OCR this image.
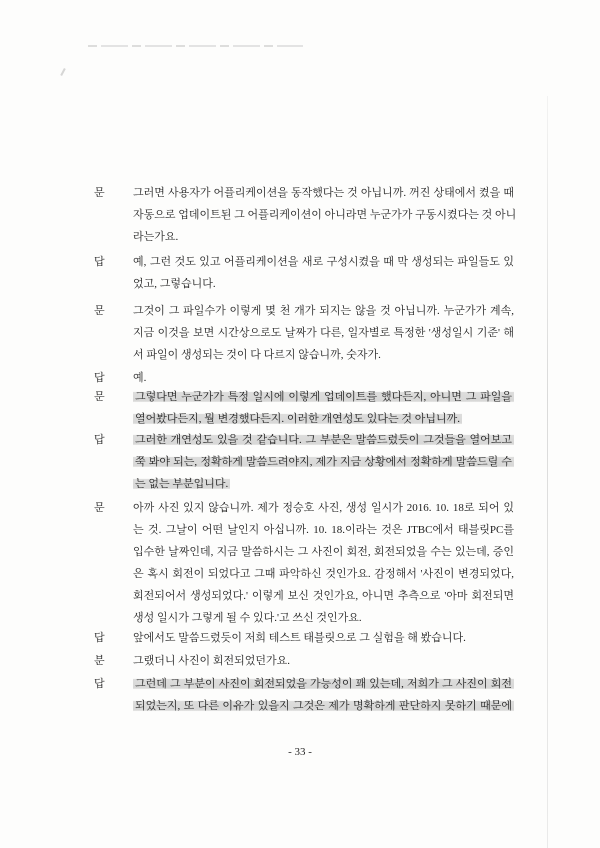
문	그러면 사용자가 어플리케이션을 동작했다는 것 아닙니까. 꺼진 상태에서 켰을 때
자동으로 업데이트된 그 어플리케이션이 아니라면 누군가가 구동시켰다는 것 아니
라는가요.
답	예, 그런 것도 있고 어플리케이션을 새로 구성시켰을 때 막 생성되는 파일들도 있
었고, 그렇습니다.
문	그것이 그 파일수가 이렇게 몇 천 개가 되지는 않을 것 아닙니까. 누군가가 계속,
지금 이것을 보면 시간상으로도 날짜가 다른, 일자별로 특정한 '생성일시 기준' 해
서 파일이 생성되는 것이 다 다르지 않습니까, 숫자가.
답	예.
문	그렇다면 누군가가 특정 일시에 이렇게 업데이트를 했다든지, 아니면 그 파일을
열어봤다든지, 뭘 변경했다든지. 이러한 개연성도 있다는 것 아닙니까.
답	그러한 개연성도 있을 것 같습니다. 그 부분은 말씀드렸듯이 그것들을 열어보고
쭉 봐야 되는, 정확하게 말씀드려야지, 제가 지금 상황에서 정확하게 말씀드릴 수
는 없는 부분입니다.
문	아까 사진 있지 않습니까. 제가 정승호 사진, 생성 일시가 2016. 10. 18로 되어 있
는 것. 그날이 어떤 날인지 아십니까. 10. 18.이라는 것은 JTBC에서 태블릿PC를
입수한 날짜인데, 지금 말씀하시는 그 사진이 회전, 회전되었을 수는 있는데, 증인
은 혹시 회전이 되었다고 그때 파악하신 것인가요. 감정해서 '사진이 변경되었다,
회전되어서 생성되었다.' 이렇게 보신 것인가요, 아니면 추측으로 '아마 회전되면
생성 일시가 그렇게 될 수 있다.'고 쓰신 것인가요.
답	앞에서도 말씀드렸듯이 저희 테스트 태블릿으로 그 실험을 해 봤습니다.
분	그랬더니 사진이 회전되었던가요.
답	그런데 그 부분이 사진이 회전되었을 가능성이 꽤 있는데, 저희가 그 사진이 회전
되었는지, 또 다른 이유가 있을지 그것은 제가 명확하게 판단하지 못하기 때문에
- 33 -
